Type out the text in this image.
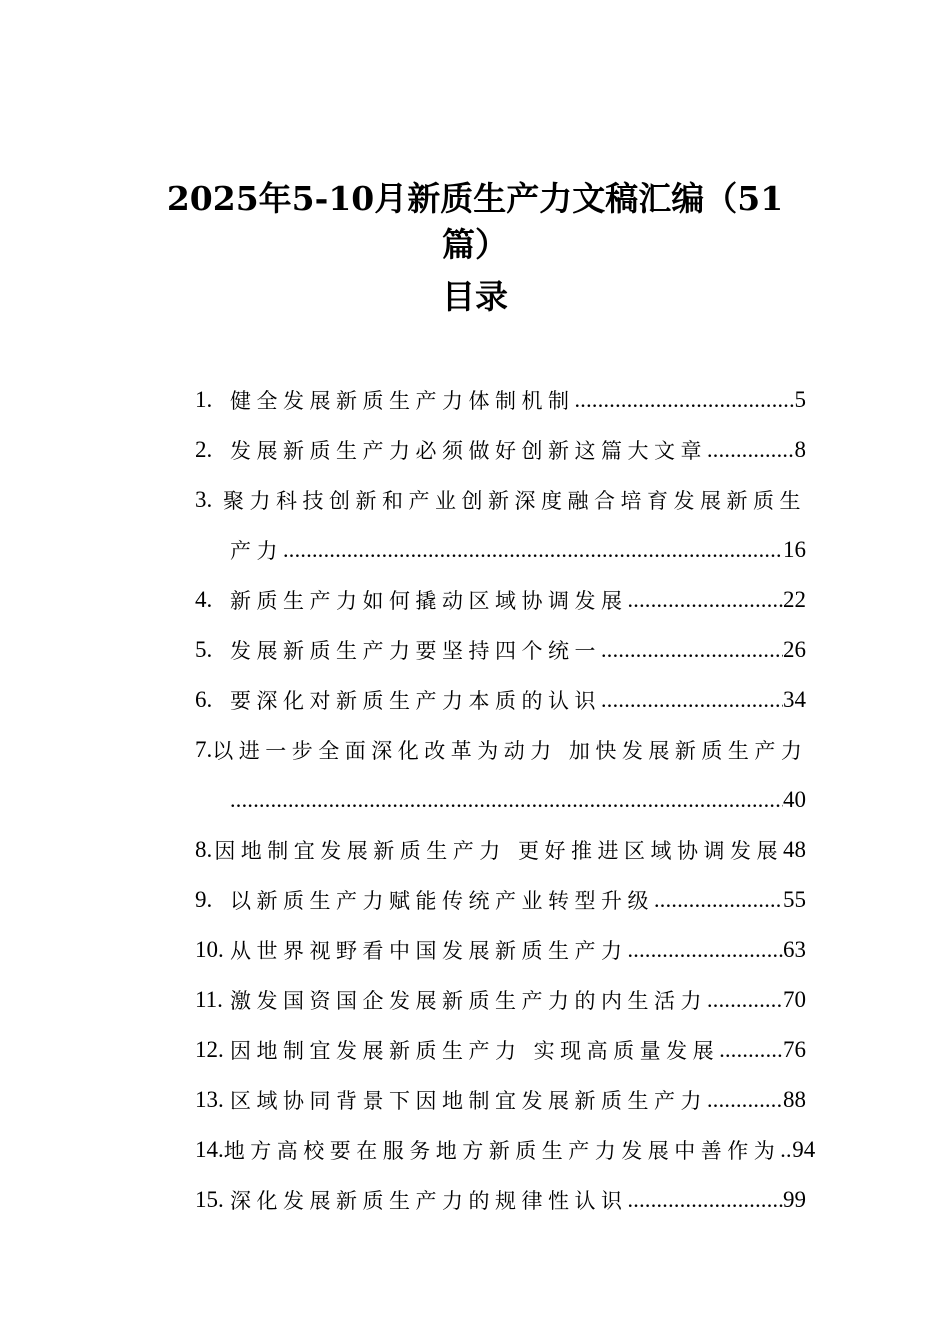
2025年5-10月新质生产力文稿汇编（51
篇）
目录
1. 健全发展新质生产力体制机制 .....	5
2. 发展新质生产力必须做好创新这篇大文章 .....	8
3. 聚力科技创新和产业创新深度融合培育发展新质生
产力 .....	16
4. 新质生产力如何撬动区域协调发展 .....	22
5. 发展新质生产力要坚持四个统一 .....	26
6. 要深化对新质生产力本质的认识 .....	34
7. 以进一步全面深化改革为动力 加快发展新质生产力
.....
40
8. 因地制宜发展新质生产力 更好推进区域协调发展 48
9. 以新质生产力赋能传统产业转型升级 .....	55
10. 从世界视野看中国发展新质生产力 .....	63
11. 激发国资国企发展新质生产力的内生活力 .....	70
12. 因地制宜发展新质生产力 实现高质量发展 .....	76
13. 区域协同背景下因地制宜发展新质生产力 .....	88
14. 地方高校要在服务地方新质生产力发展中善作为 ..... 94
15. 深化发展新质生产力的规律性认识 .....	99
